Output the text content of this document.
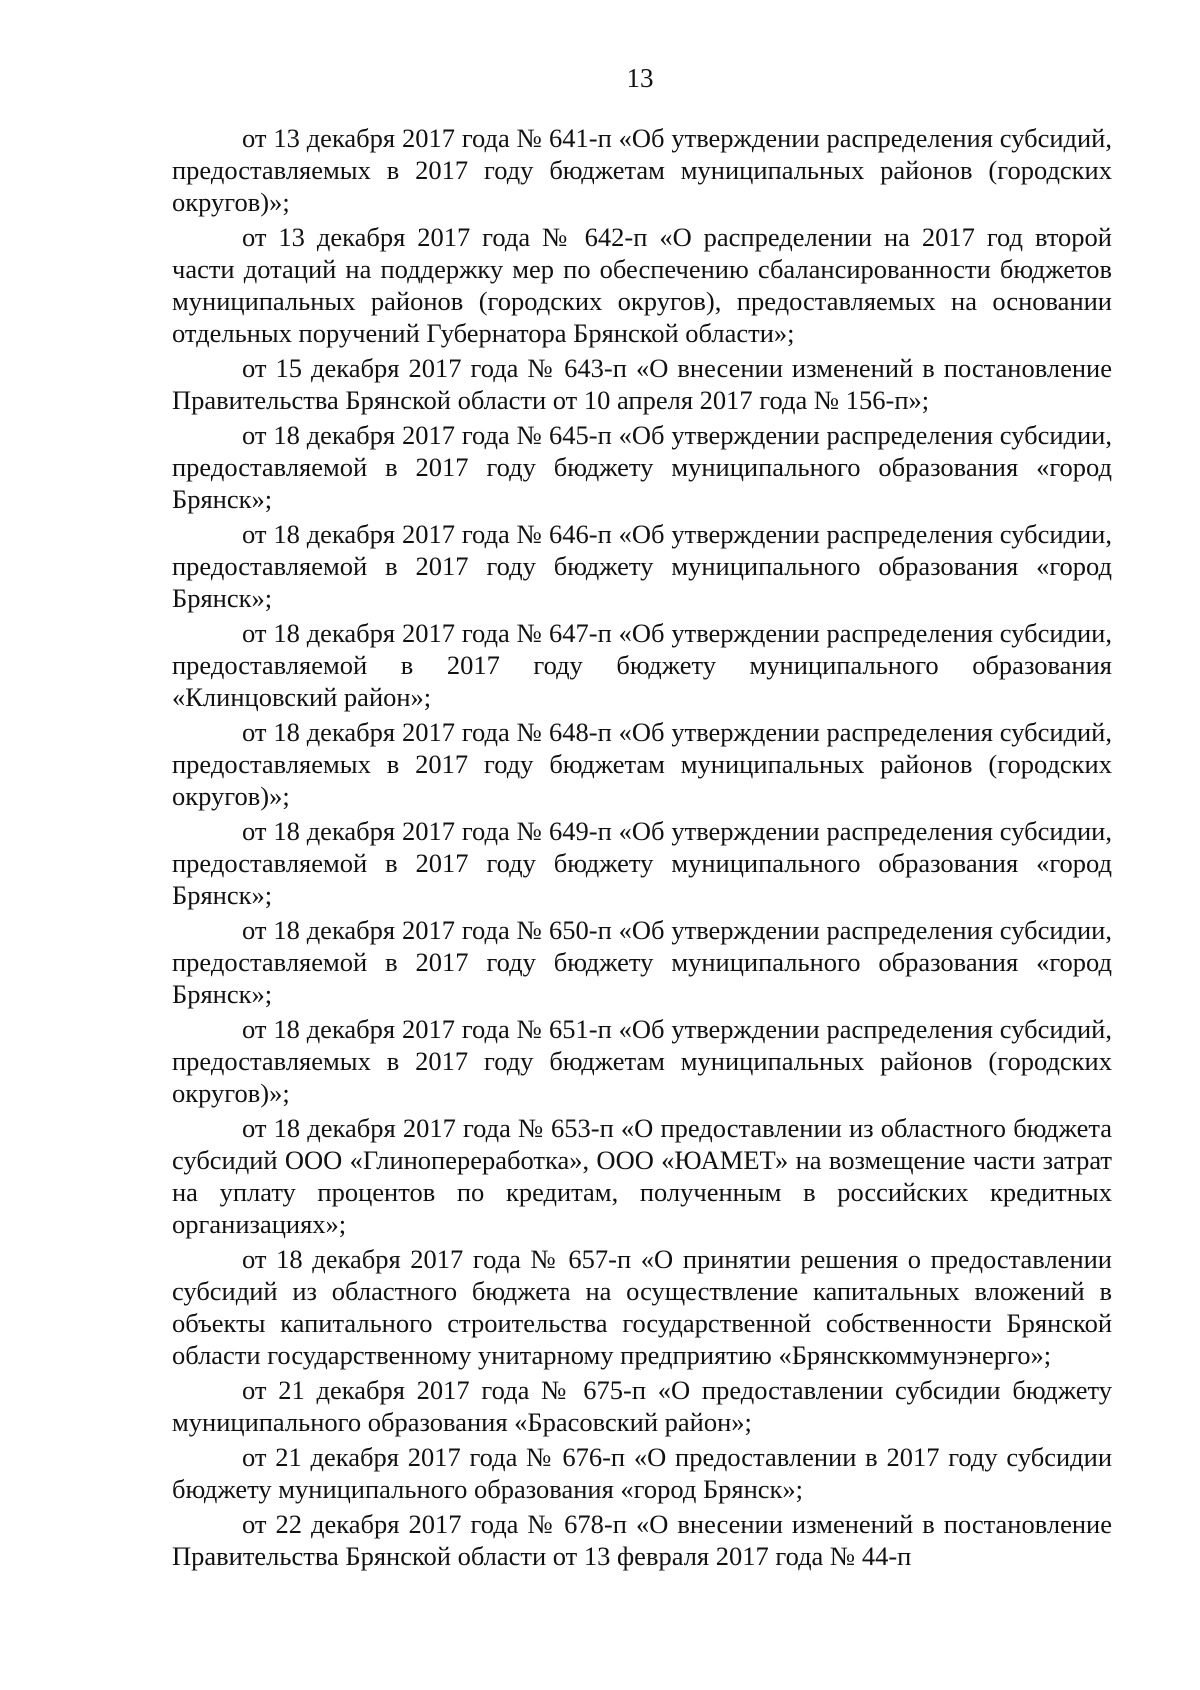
13

от 13 декабря 2017 года № 641-п «Об утверждении распределения субсидий, предоставляемых в 2017 году бюджетам муниципальных районов (городских округов)»;

от 13 декабря 2017 года № 642-п «О распределении на 2017 год второй части дотаций на поддержку мер по обеспечению сбалансированности бюджетов муниципальных районов (городских округов), предоставляемых на основании отдельных поручений Губернатора Брянской области»;

от 15 декабря 2017 года № 643-п «О внесении изменений в постановление Правительства Брянской области от 10 апреля 2017 года № 156-п»;

от 18 декабря 2017 года № 645-п «Об утверждении распределения субсидии, предоставляемой в 2017 году бюджету муниципального образования «город Брянск»;

от 18 декабря 2017 года № 646-п «Об утверждении распределения субсидии, предоставляемой в 2017 году бюджету муниципального образования «город Брянск»;

от 18 декабря 2017 года № 647-п «Об утверждении распределения субсидии, предоставляемой в 2017 году бюджету муниципального образования «Клинцовский район»;

от 18 декабря 2017 года № 648-п «Об утверждении распределения субсидий, предоставляемых в 2017 году бюджетам муниципальных районов (городских округов)»;

от 18 декабря 2017 года № 649-п «Об утверждении распределения субсидии, предоставляемой в 2017 году бюджету муниципального образования «город Брянск»;

от 18 декабря 2017 года № 650-п «Об утверждении распределения субсидии, предоставляемой в 2017 году бюджету муниципального образования «город Брянск»;

от 18 декабря 2017 года № 651-п «Об утверждении распределения субсидий, предоставляемых в 2017 году бюджетам муниципальных районов (городских округов)»;

от 18 декабря 2017 года № 653-п «О предоставлении из областного бюджета субсидий ООО «Глинопереработка», ООО «ЮАМЕТ» на возмещение части затрат на уплату процентов по кредитам, полученным в российских кредитных организациях»;

от 18 декабря 2017 года № 657-п «О принятии решения о предоставлении субсидий из областного бюджета на осуществление капитальных вложений в объекты капитального строительства государственной собственности Брянской области государственному унитарному предприятию «Брянсккоммунэнерго»;

от 21 декабря 2017 года № 675-п «О предоставлении субсидии бюджету муниципального образования «Брасовский район»;

от 21 декабря 2017 года № 676-п «О предоставлении в 2017 году субсидии бюджету муниципального образования «город Брянск»;

от 22 декабря 2017 года № 678-п «О внесении изменений в постановление Правительства Брянской области от 13 февраля 2017 года № 44-п
